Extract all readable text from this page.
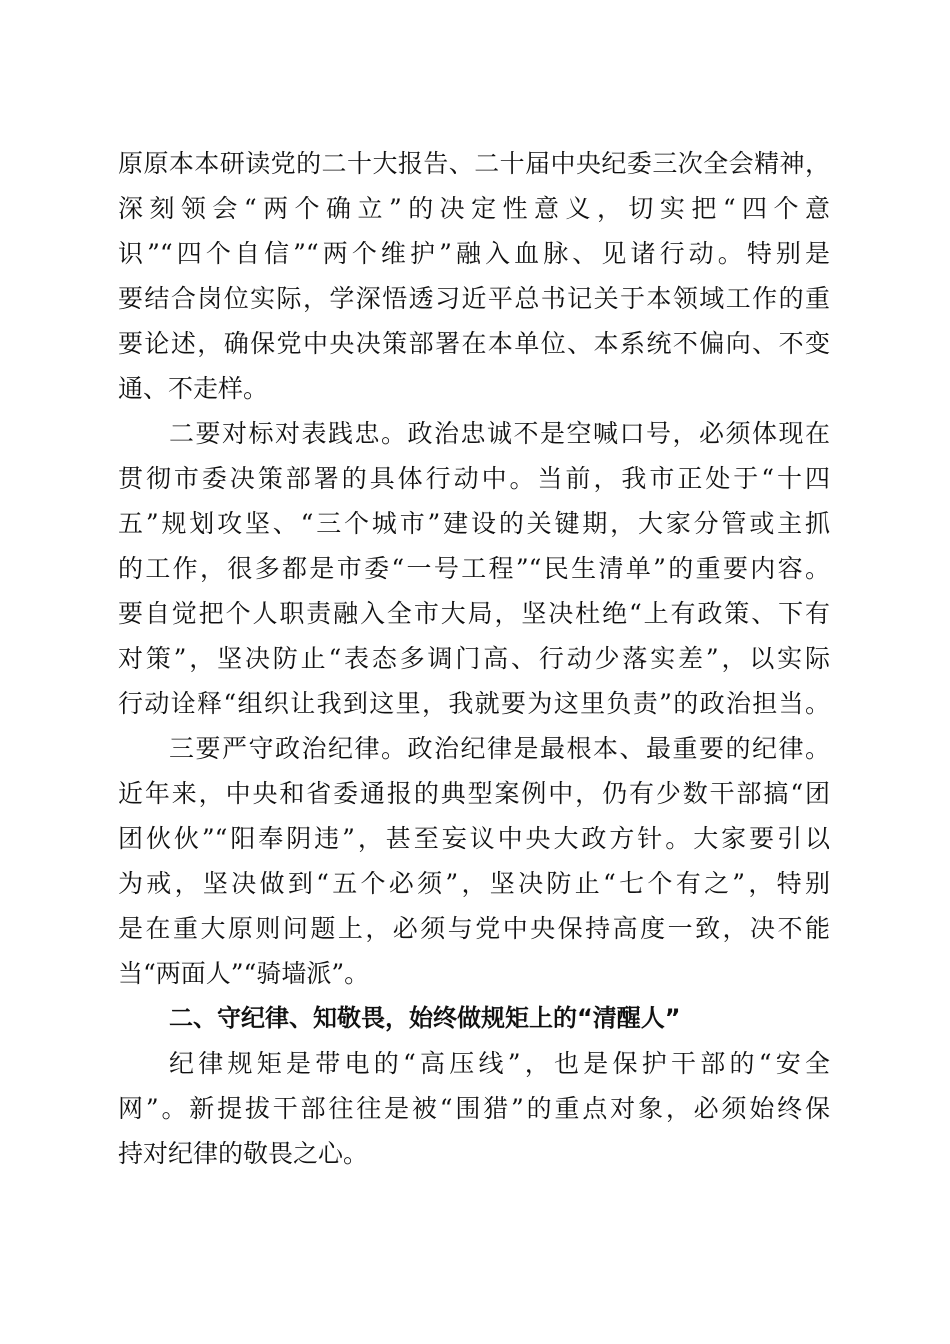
原原本本研读党的二十大报告、二十届中央纪委三次全会精神，
深刻领会“两个确立”的决定性意义，切实把“四个意
识”“四个自信”“两个维护”融入血脉、见诸行动。特别是
要结合岗位实际，学深悟透习近平总书记关于本领域工作的重
要论述，确保党中央决策部署在本单位、本系统不偏向、不变
通、不走样。
二要对标对表践忠。政治忠诚不是空喊口号，必须体现在
贯彻市委决策部署的具体行动中。当前，我市正处于“十四
五”规划攻坚、“三个城市”建设的关键期，大家分管或主抓
的工作，很多都是市委“一号工程”“民生清单”的重要内容。
要自觉把个人职责融入全市大局，坚决杜绝“上有政策、下有
对策”，坚决防止“表态多调门高、行动少落实差”，以实际
行动诠释“组织让我到这里，我就要为这里负责”的政治担当。
三要严守政治纪律。政治纪律是最根本、最重要的纪律。
近年来，中央和省委通报的典型案例中，仍有少数干部搞“团
团伙伙”“阳奉阴违”，甚至妄议中央大政方针。大家要引以
为戒，坚决做到“五个必须”，坚决防止“七个有之”，特别
是在重大原则问题上，必须与党中央保持高度一致，决不能
当“两面人”“骑墙派”。
二、守纪律、知敬畏，始终做规矩上的“清醒人”
纪律规矩是带电的“高压线”，也是保护干部的“安全
网”。新提拔干部往往是被“围猎”的重点对象，必须始终保
持对纪律的敬畏之心。
